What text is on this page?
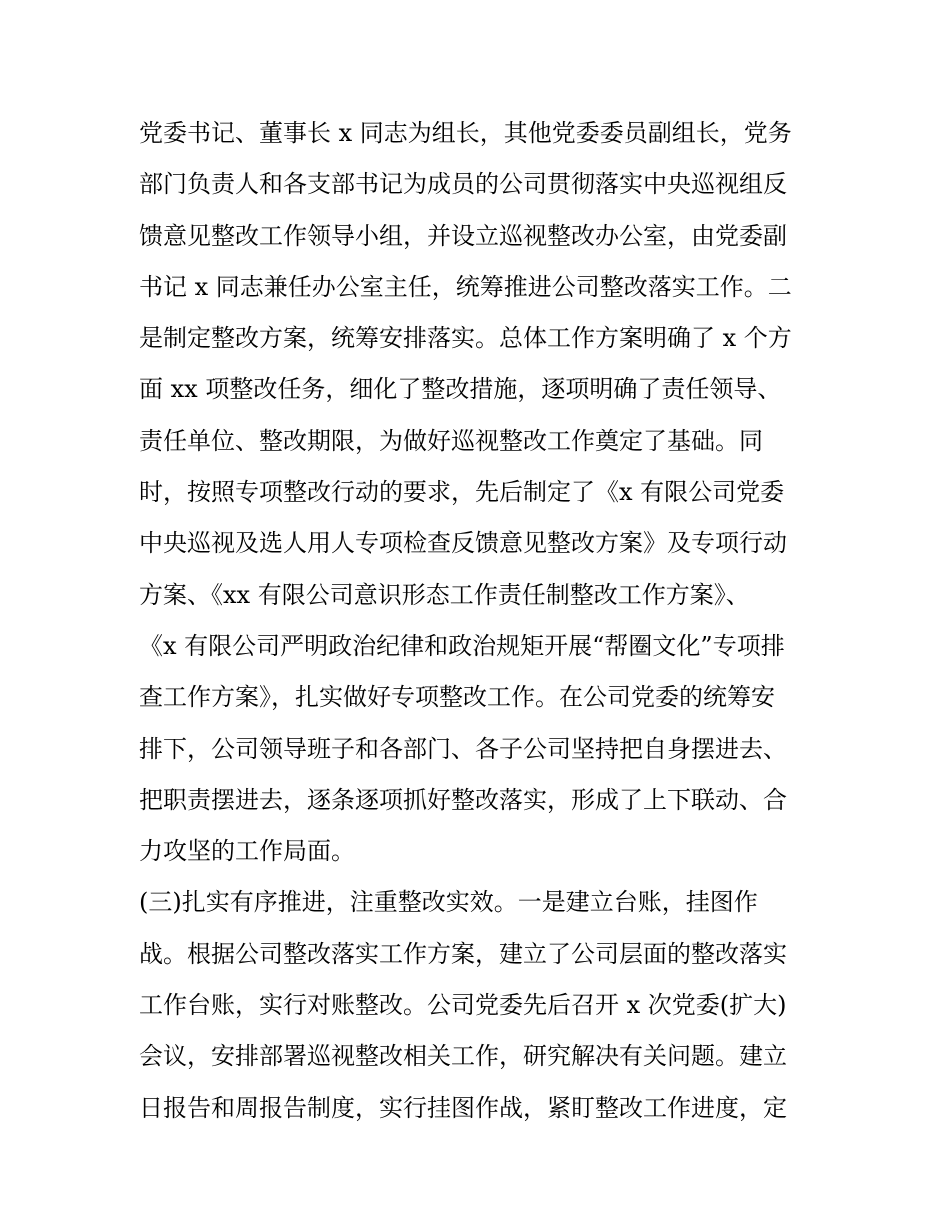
党委书记、董事长 x 同志为组长，其他党委委员副组长，党务
部门负责人和各支部书记为成员的公司贯彻落实中央巡视组反
馈意见整改工作领导小组，并设立巡视整改办公室，由党委副
书记 x 同志兼任办公室主任，统筹推进公司整改落实工作。二
是制定整改方案，统筹安排落实。总体工作方案明确了 x 个方
面 xx 项整改任务，细化了整改措施，逐项明确了责任领导、
责任单位、整改期限，为做好巡视整改工作奠定了基础。同
时，按照专项整改行动的要求，先后制定了《x 有限公司党委
中央巡视及选人用人专项检查反馈意见整改方案》及专项行动
方案、《xx 有限公司意识形态工作责任制整改工作方案》、
《x 有限公司严明政治纪律和政治规矩开展“帮圈文化”专项排
查工作方案》，扎实做好专项整改工作。在公司党委的统筹安
排下，公司领导班子和各部门、各子公司坚持把自身摆进去、
把职责摆进去，逐条逐项抓好整改落实，形成了上下联动、合
力攻坚的工作局面。
(三)扎实有序推进，注重整改实效。一是建立台账，挂图作
战。根据公司整改落实工作方案，建立了公司层面的整改落实
工作台账，实行对账整改。公司党委先后召开 x 次党委(扩大)
会议，安排部署巡视整改相关工作，研究解决有关问题。建立
日报告和周报告制度，实行挂图作战，紧盯整改工作进度，定
